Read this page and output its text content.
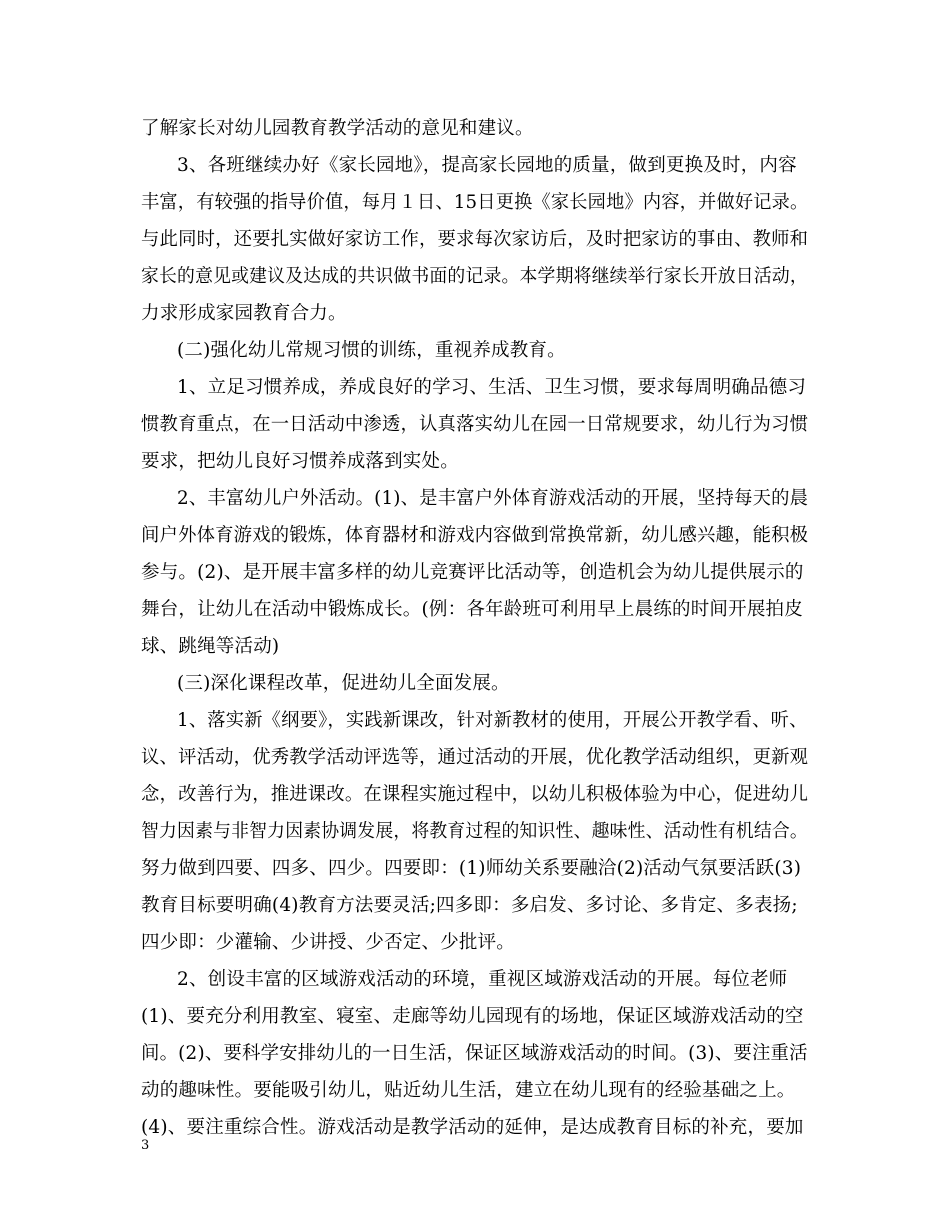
了解家长对幼儿园教育教学活动的意见和建议。
3、各班继续办好《家长园地》，提高家长园地的质量，做到更换及时，内容
丰富，有较强的指导价值，每月１日、15日更换《家长园地》内容，并做好记录。
与此同时，还要扎实做好家访工作，要求每次家访后，及时把家访的事由、教师和
家长的意见或建议及达成的共识做书面的记录。本学期将继续举行家长开放日活动，
力求形成家园教育合力。
(二)强化幼儿常规习惯的训练，重视养成教育。
1、立足习惯养成，养成良好的学习、生活、卫生习惯，要求每周明确品德习
惯教育重点，在一日活动中渗透，认真落实幼儿在园一日常规要求，幼儿行为习惯
要求，把幼儿良好习惯养成落到实处。
2、丰富幼儿户外活动。(1)、是丰富户外体育游戏活动的开展，坚持每天的晨
间户外体育游戏的锻炼，体育器材和游戏内容做到常换常新，幼儿感兴趣，能积极
参与。(2)、是开展丰富多样的幼儿竞赛评比活动等，创造机会为幼儿提供展示的
舞台，让幼儿在活动中锻炼成长。(例：各年龄班可利用早上晨练的时间开展拍皮
球、跳绳等活动)
(三)深化课程改革，促进幼儿全面发展。
1、落实新《纲要》，实践新课改，针对新教材的使用，开展公开教学看、听、
议、评活动，优秀教学活动评选等，通过活动的开展，优化教学活动组织，更新观
念，改善行为，推进课改。在课程实施过程中，以幼儿积极体验为中心，促进幼儿
智力因素与非智力因素协调发展，将教育过程的知识性、趣味性、活动性有机结合。
努力做到四要、四多、四少。四要即：(1)师幼关系要融洽(2)活动气氛要活跃(3)
教育目标要明确(4)教育方法要灵活;四多即：多启发、多讨论、多肯定、多表扬;
四少即：少灌输、少讲授、少否定、少批评。
2、创设丰富的区域游戏活动的环境，重视区域游戏活动的开展。每位老师
(1)、要充分利用教室、寝室、走廊等幼儿园现有的场地，保证区域游戏活动的空
间。(2)、要科学安排幼儿的一日生活，保证区域游戏活动的时间。(3)、要注重活
动的趣味性。要能吸引幼儿，贴近幼儿生活，建立在幼儿现有的经验基础之上。
(4)、要注重综合性。游戏活动是教学活动的延伸，是达成教育目标的补充，要加
3
